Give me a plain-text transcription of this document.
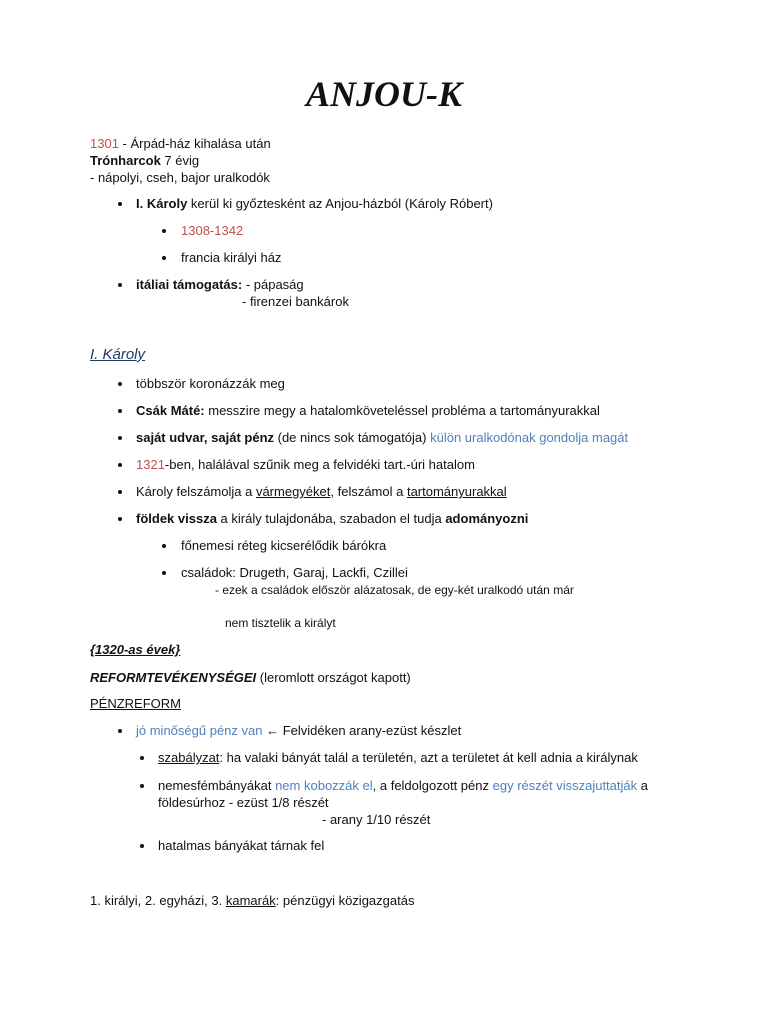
ANJOU-K
1301 - Árpád-ház kihalása után
Trónharcok 7 évig
- nápolyi, cseh, bajor uralkodók
I. Károly kerül ki győztesként az Anjou-házból (Károly Róbert)
1308-1342
francia királyi ház
itáliai támogatás: - pápaság
- firenzei bankárok
I. Károly
többször koronázzák meg
Csák Máté: messzire megy a hatalomköveteléssel probléma a tartományurakkal
saját udvar, saját pénz (de nincs sok támogatója) külön uralkodónak gondolja magát
1321-ben, halálával szűnik meg a felvidéki tart.-úri hatalom
Károly felszámolja a vármegyéket, felszámol a tartományurakkal
földek vissza a király tulajdonába, szabadon el tudja adományozni
főnemesi réteg kicserélődik bárókra
családok: Drugeth, Garaj, Lackfi, Czillei
- ezek a családok először alázatosak, de egy-két uralkodó után már
nem tisztelik a királyt
{1320-as évek}
REFORMTEVÉKENYSÉGEI (leromlott országot kapott)
PÉNZREFORM
jó minőségű pénz van ← Felvidéken arany-ezüst készlet
szabályzat: ha valaki bányát talál a területén, azt a területet át kell adnia a királynak
nemesfémbányákat nem kobozzák el, a feldolgozott pénz egy részét visszajuttatják a
földesúrhoz - ezüst 1/8 részét
- arany 1/10 részét
hatalmas bányákat tárnak fel
1. királyi, 2. egyházi, 3. kamarák: pénzügyi közigazgatás
